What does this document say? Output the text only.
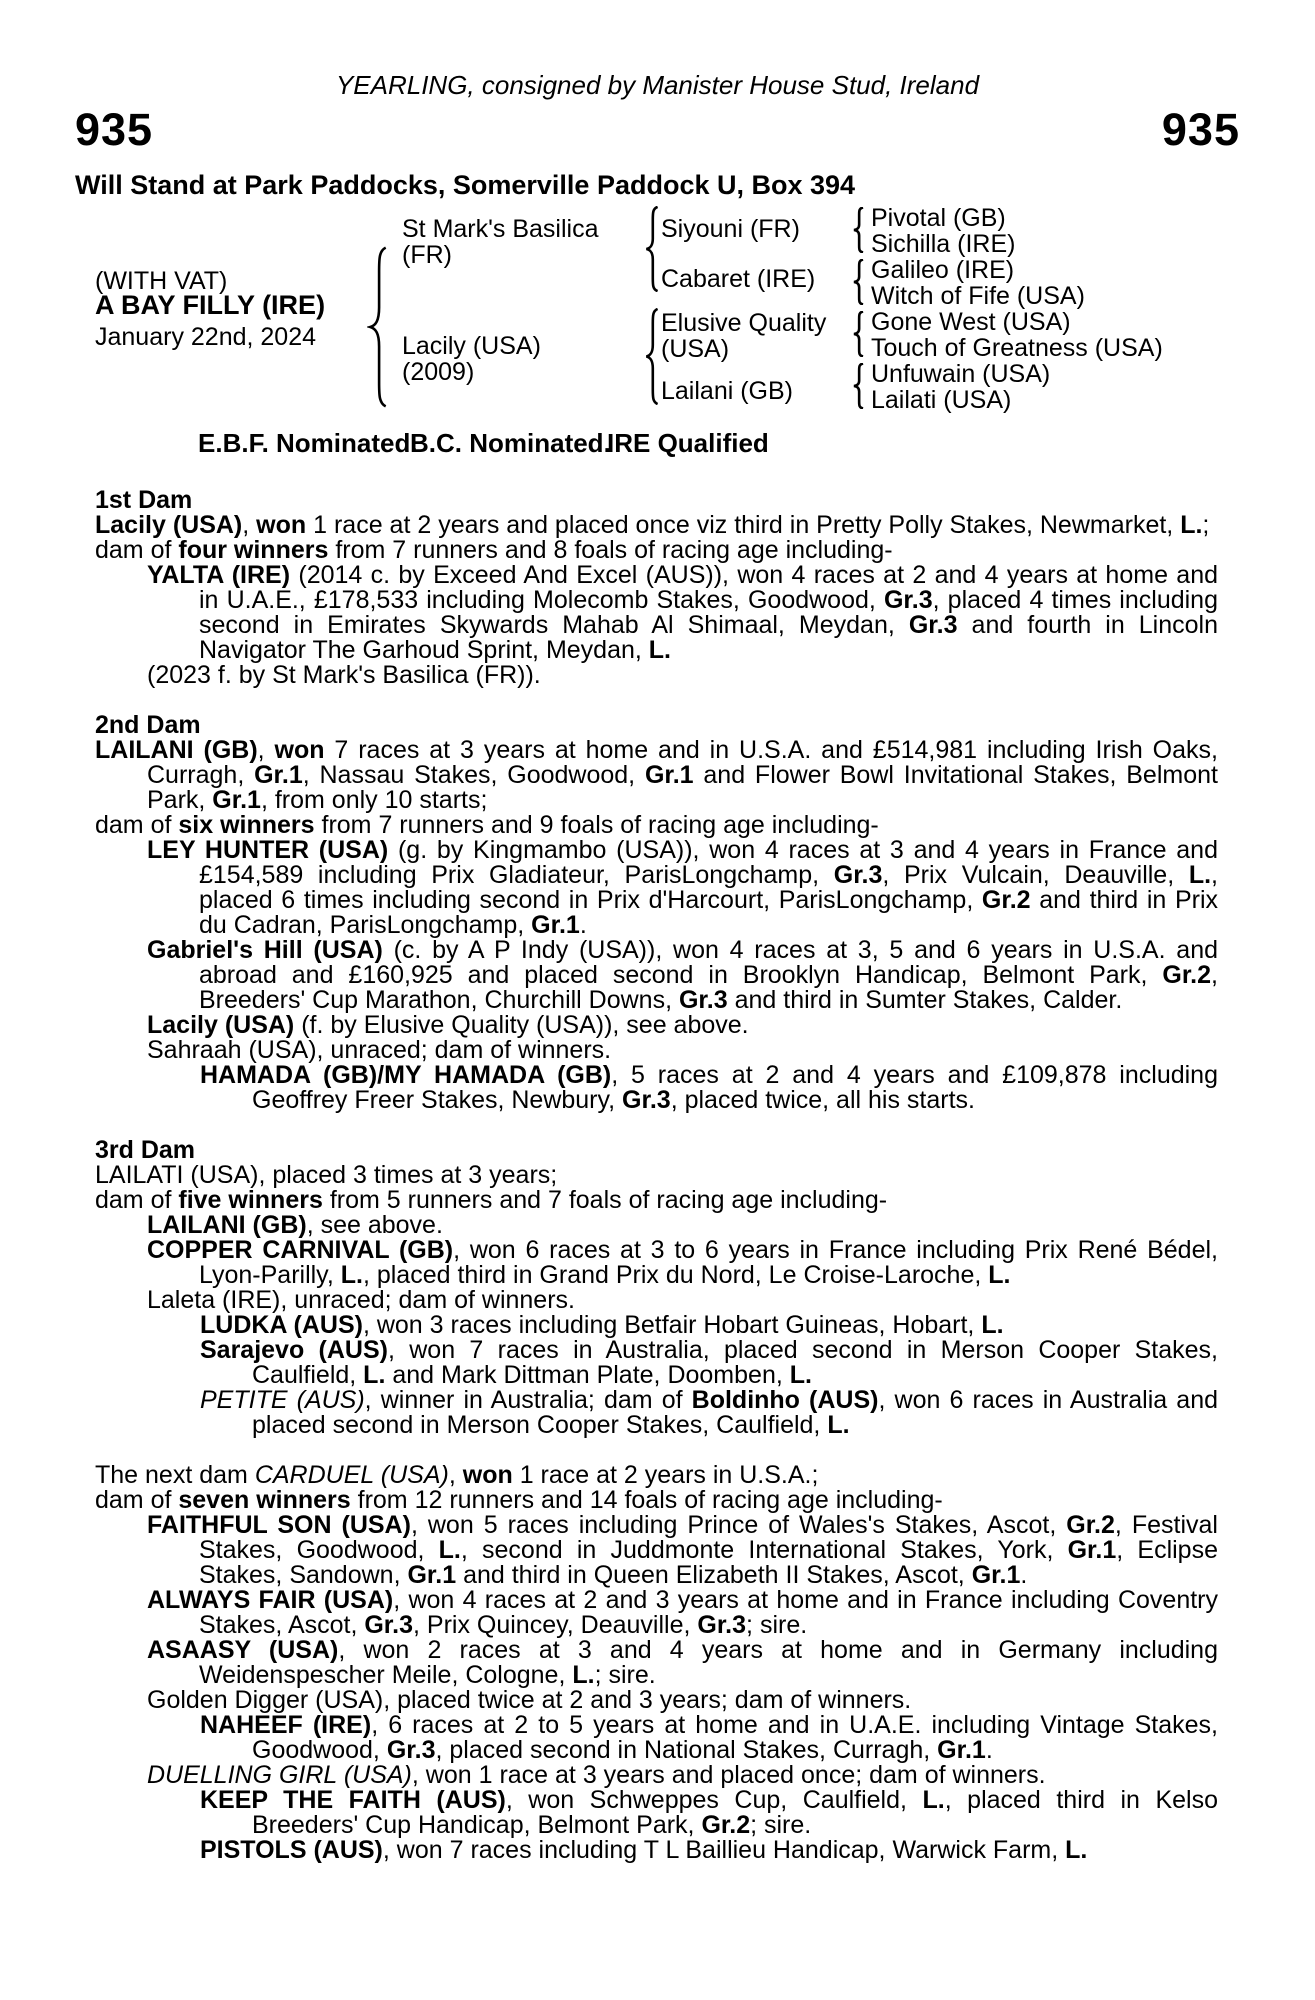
YEARLING, consigned by Manister House Stud, Ireland
935	935
Will Stand at Park Paddocks, Somerville Paddock U, Box 394
(WITH VAT)
A BAY FILLY (IRE)
January 22nd, 2024
St Mark's Basilica
(FR)
Lacily (USA)
(2009)
Siyouni (FR)
Cabaret (IRE)
Elusive Quality
(USA)
Lailani (GB)
Pivotal (GB)
Sichilla (IRE)
Galileo (IRE)
Witch of Fife (USA)
Gone West (USA)
Touch of Greatness (USA)
Unfuwain (USA)
Lailati (USA)
E.B.F. Nominated.
B.C. Nominated.
IRE Qualified
1st Dam
Lacily (USA), won 1 race at 2 years and placed once viz third in Pretty Polly Stakes, Newmarket, L.;
dam of four winners from 7 runners and 8 foals of racing age including-
YALTA (IRE) (2014 c. by Exceed And Excel (AUS)), won 4 races at 2 and 4 years at home and in U.A.E., £178,533 including Molecomb Stakes, Goodwood, Gr.3, placed 4 times including second in Emirates Skywards Mahab Al Shimaal, Meydan, Gr.3 and fourth in Lincoln Navigator The Garhoud Sprint, Meydan, L.
(2023 f. by St Mark's Basilica (FR)).
2nd Dam
LAILANI (GB), won 7 races at 3 years at home and in U.S.A. and £514,981 including Irish Oaks, Curragh, Gr.1, Nassau Stakes, Goodwood, Gr.1 and Flower Bowl Invitational Stakes, Belmont Park, Gr.1, from only 10 starts;
dam of six winners from 7 runners and 9 foals of racing age including-
LEY HUNTER (USA) (g. by Kingmambo (USA)), won 4 races at 3 and 4 years in France and £154,589 including Prix Gladiateur, ParisLongchamp, Gr.3, Prix Vulcain, Deauville, L., placed 6 times including second in Prix d'Harcourt, ParisLongchamp, Gr.2 and third in Prix du Cadran, ParisLongchamp, Gr.1.
Gabriel's Hill (USA) (c. by A P Indy (USA)), won 4 races at 3, 5 and 6 years in U.S.A. and abroad and £160,925 and placed second in Brooklyn Handicap, Belmont Park, Gr.2, Breeders' Cup Marathon, Churchill Downs, Gr.3 and third in Sumter Stakes, Calder.
Lacily (USA) (f. by Elusive Quality (USA)), see above.
Sahraah (USA), unraced; dam of winners.
HAMADA (GB)/MY HAMADA (GB), 5 races at 2 and 4 years and £109,878 including Geoffrey Freer Stakes, Newbury, Gr.3, placed twice, all his starts.
3rd Dam
LAILATI (USA), placed 3 times at 3 years;
dam of five winners from 5 runners and 7 foals of racing age including-
LAILANI (GB), see above.
COPPER CARNIVAL (GB), won 6 races at 3 to 6 years in France including Prix René Bédel, Lyon-Parilly, L., placed third in Grand Prix du Nord, Le Croise-Laroche, L.
Laleta (IRE), unraced; dam of winners.
LUDKA (AUS), won 3 races including Betfair Hobart Guineas, Hobart, L.
Sarajevo (AUS), won 7 races in Australia, placed second in Merson Cooper Stakes, Caulfield, L. and Mark Dittman Plate, Doomben, L.
PETITE (AUS), winner in Australia; dam of Boldinho (AUS), won 6 races in Australia and placed second in Merson Cooper Stakes, Caulfield, L.
The next dam CARDUEL (USA), won 1 race at 2 years in U.S.A.;
dam of seven winners from 12 runners and 14 foals of racing age including-
FAITHFUL SON (USA), won 5 races including Prince of Wales's Stakes, Ascot, Gr.2, Festival Stakes, Goodwood, L., second in Juddmonte International Stakes, York, Gr.1, Eclipse Stakes, Sandown, Gr.1 and third in Queen Elizabeth II Stakes, Ascot, Gr.1.
ALWAYS FAIR (USA), won 4 races at 2 and 3 years at home and in France including Coventry Stakes, Ascot, Gr.3, Prix Quincey, Deauville, Gr.3; sire.
ASAASY (USA), won 2 races at 3 and 4 years at home and in Germany including Weidenspescher Meile, Cologne, L.; sire.
Golden Digger (USA), placed twice at 2 and 3 years; dam of winners.
NAHEEF (IRE), 6 races at 2 to 5 years at home and in U.A.E. including Vintage Stakes, Goodwood, Gr.3, placed second in National Stakes, Curragh, Gr.1.
DUELLING GIRL (USA), won 1 race at 3 years and placed once; dam of winners.
KEEP THE FAITH (AUS), won Schweppes Cup, Caulfield, L., placed third in Kelso Breeders' Cup Handicap, Belmont Park, Gr.2; sire.
PISTOLS (AUS), won 7 races including T L Baillieu Handicap, Warwick Farm, L.
